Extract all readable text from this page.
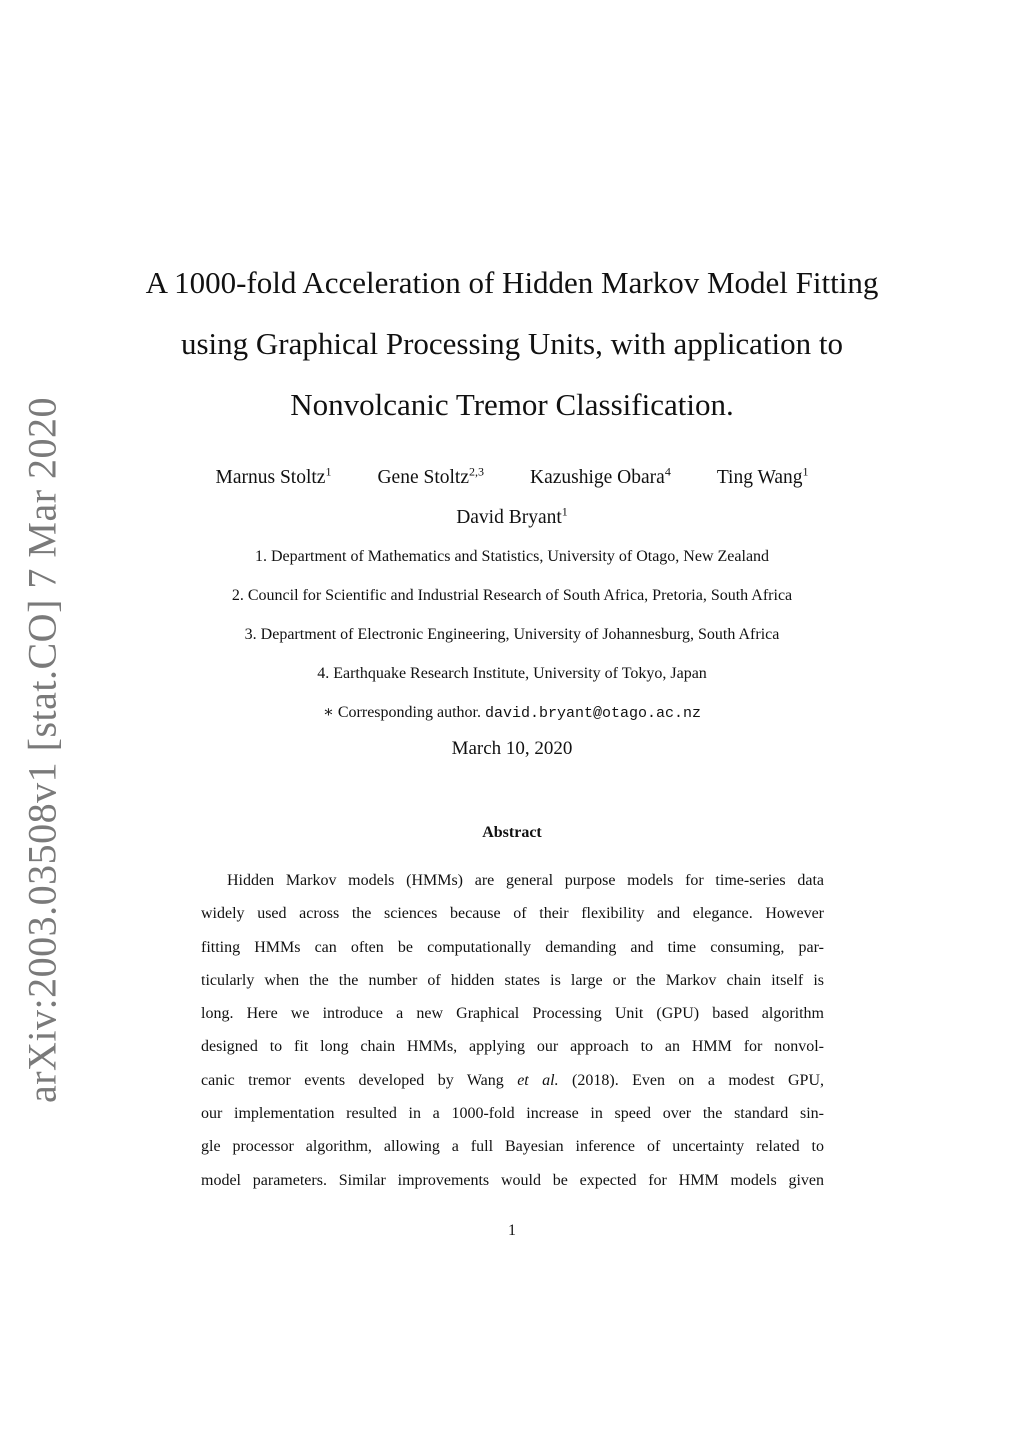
arXiv:2003.03508v1 [stat.CO] 7 Mar 2020
A 1000-fold Acceleration of Hidden Markov Model Fitting
using Graphical Processing Units, with application to
Nonvolcanic Tremor Classification.
Marnus Stoltz$^1$ Gene Stoltz$^{2,3}$ Kazushige Obara$^4$ Ting Wang$^1$
David Bryant$^1$
1. Department of Mathematics and Statistics, University of Otago, New Zealand
2. Council for Scientific and Industrial Research of South Africa, Pretoria, South Africa
3. Department of Electronic Engineering, University of Johannesburg, South Africa
4. Earthquake Research Institute, University of Tokyo, Japan
∗ Corresponding author. david.bryant@otago.ac.nz
March 10, 2020
Abstract
Hidden Markov models (HMMs) are general purpose models for time-series data
widely used across the sciences because of their flexibility and elegance. However
fitting HMMs can often be computationally demanding and time consuming, par-
ticularly when the the number of hidden states is large or the Markov chain itself is
long. Here we introduce a new Graphical Processing Unit (GPU) based algorithm
designed to fit long chain HMMs, applying our approach to an HMM for nonvol-
canic tremor events developed by Wang et al. (2018). Even on a modest GPU,
our implementation resulted in a 1000-fold increase in speed over the standard sin-
gle processor algorithm, allowing a full Bayesian inference of uncertainty related to
model parameters. Similar improvements would be expected for HMM models given
1
